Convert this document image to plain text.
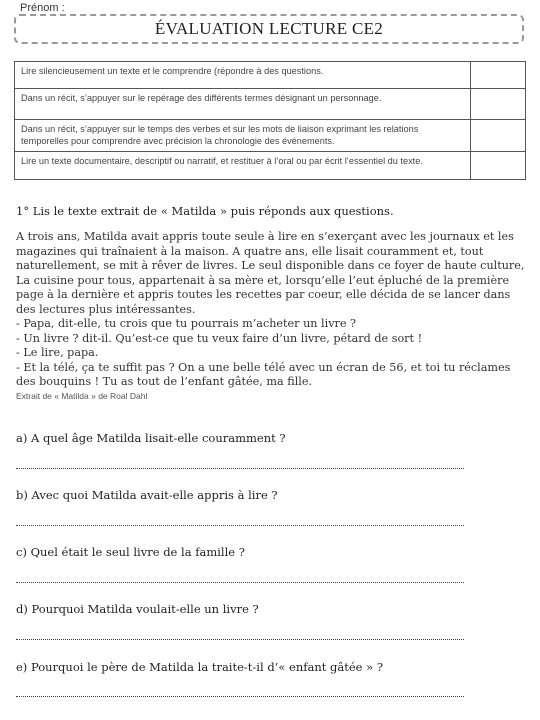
Prénom :
ÉVALUATION LECTURE CE2
Lire silencieusement un texte et le comprendre (répondre à des questions.	
Dans un récit, s’appuyer sur le repérage des différents termes désignant un personnage.	
Dans un récit, s’appuyer sur le temps des verbes et sur les mots de liaison exprimant les relations temporelles pour comprendre avec précision la chronologie des événements.	
Lire un texte documentaire, descriptif ou narratif, et restituer à l’oral ou par écrit l’essentiel du texte.	
1° Lis le texte extrait de « Matilda » puis réponds aux questions.

A trois ans, Matilda avait appris toute seule à lire en s’exerçant avec les journaux et les magazines qui traînaient à la maison. A quatre ans, elle lisait couramment et, tout naturellement, se mit à rêver de livres. Le seul disponible dans ce foyer de haute culture, La cuisine pour tous, appartenait à sa mère et, lorsqu’elle l’eut épluché de la première page à la dernière et appris toutes les recettes par coeur, elle décida de se lancer dans des lectures plus intéressantes.

- Papa, dit-elle, tu crois que tu pourrais m’acheter un livre ?

- Un livre ? dit-il. Qu’est-ce que tu veux faire d’un livre, pétard de sort !

- Le lire, papa.

- Et la télé, ça te suffit pas ? On a une belle télé avec un écran de 56, et toi tu réclames des bouquins ! Tu as tout de l’enfant gâtée, ma fille.

Extrait de « Matilda » de Roal Dahl

a) A quel âge Matilda lisait-elle couramment ?
b) Avec quoi Matilda avait-elle appris à lire ?
c) Quel était le seul livre de la famille ?
d) Pourquoi Matilda voulait-elle un livre ?
e) Pourquoi le père de Matilda la traite-t-il d’« enfant gâtée » ?
